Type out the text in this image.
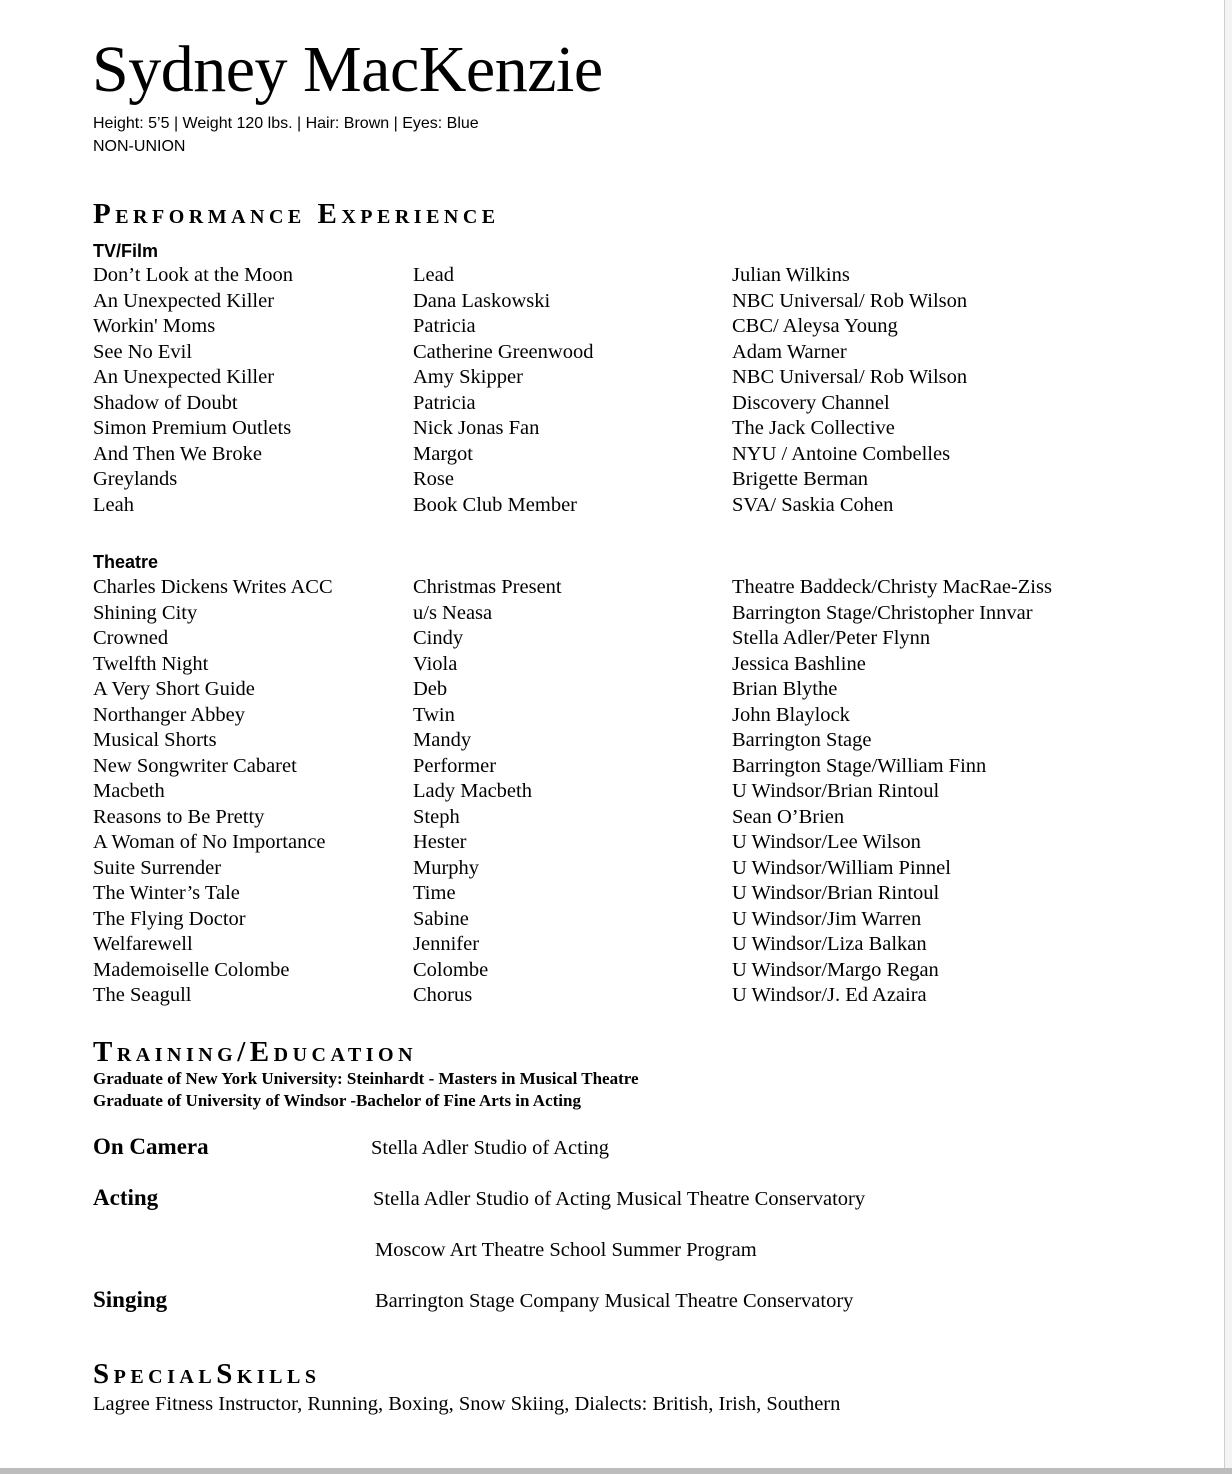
Sydney MacKenzie
Height: 5’5 | Weight 120 lbs. | Hair: Brown | Eyes: Blue
NON-UNION
Performance Experience
TV/Film
Don’t Look at the Moon	Lead	Julian Wilkins
An Unexpected Killer	Dana Laskowski	NBC Universal/ Rob Wilson
Workin' Moms	Patricia	CBC/ Aleysa Young
See No Evil	Catherine Greenwood	Adam Warner
An Unexpected Killer	Amy Skipper	NBC Universal/ Rob Wilson
Shadow of Doubt	Patricia	Discovery Channel
Simon Premium Outlets	Nick Jonas Fan	The Jack Collective
And Then We Broke	Margot	NYU / Antoine Combelles
Greylands	Rose	Brigette Berman
Leah	Book Club Member	SVA/ Saskia Cohen
Theatre
Charles Dickens Writes ACC	Christmas Present	Theatre Baddeck/Christy MacRae-Ziss
Shining City	u/s Neasa	Barrington Stage/Christopher Innvar
Crowned	Cindy	Stella Adler/Peter Flynn
Twelfth Night	Viola	Jessica Bashline
A Very Short Guide	Deb	Brian Blythe
Northanger Abbey	Twin	John Blaylock
Musical Shorts	Mandy	Barrington Stage
New Songwriter Cabaret	Performer	Barrington Stage/William Finn
Macbeth	Lady Macbeth	U Windsor/Brian Rintoul
Reasons to Be Pretty	Steph	Sean O’Brien
A Woman of No Importance	Hester	U Windsor/Lee Wilson
Suite Surrender	Murphy	U Windsor/William Pinnel
The Winter’s Tale	Time	U Windsor/Brian Rintoul
The Flying Doctor	Sabine	U Windsor/Jim Warren
Welfarewell	Jennifer	U Windsor/Liza Balkan
Mademoiselle Colombe	Colombe	U Windsor/Margo Regan
The Seagull	Chorus	U Windsor/J. Ed Azaira
Training/Education
Graduate of New York University: Steinhardt - Masters in Musical Theatre
Graduate of University of Windsor -Bachelor of Fine Arts in Acting
On Camera	Stella Adler Studio of Acting
Acting	Stella Adler Studio of Acting Musical Theatre Conservatory
Moscow Art Theatre School Summer Program
Singing	Barrington Stage Company Musical Theatre Conservatory
SpecialSkills
Lagree Fitness Instructor, Running, Boxing, Snow Skiing, Dialects: British, Irish, Southern
